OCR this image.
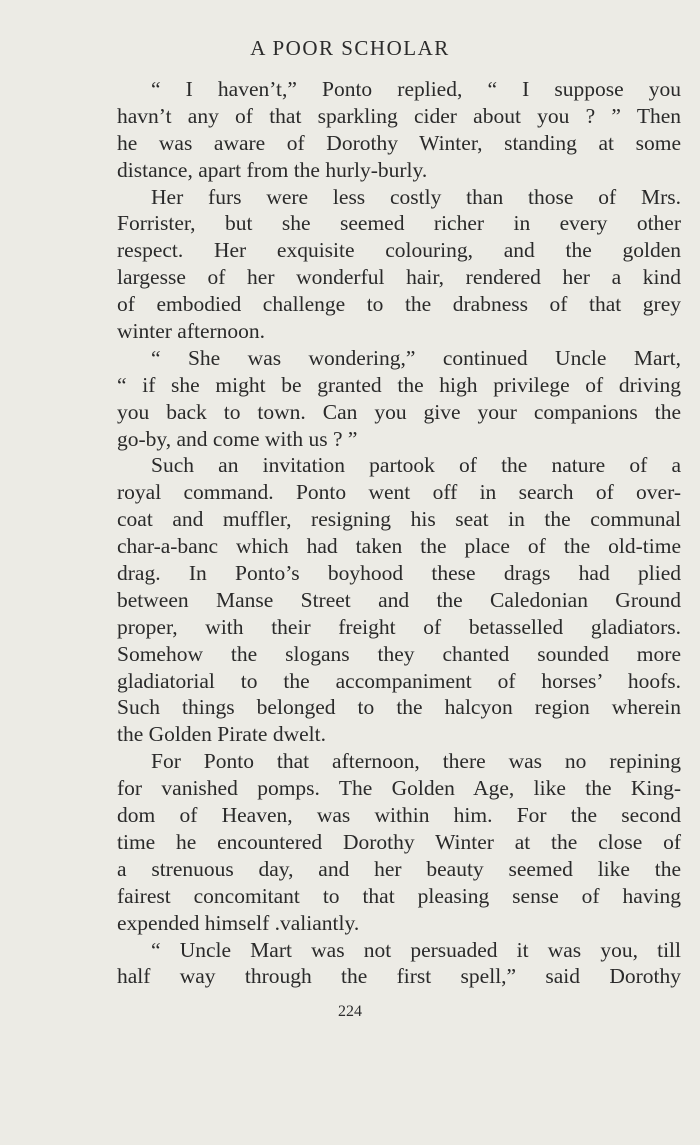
A POOR SCHOLAR
“ I haven’t,” Ponto replied, “ I suppose you
havn’t any of that sparkling cider about you ? ” Then
he was aware of Dorothy Winter, standing at some
distance, apart from the hurly-burly.
Her furs were less costly than those of Mrs.
Forrister, but she seemed richer in every other
respect. Her exquisite colouring, and the golden
largesse of her wonderful hair, rendered her a kind
of embodied challenge to the drabness of that grey
winter afternoon.
“ She was wondering,” continued Uncle Mart,
“ if she might be granted the high privilege of driving
you back to town. Can you give your companions the
go-by, and come with us ? ”
Such an invitation partook of the nature of a
royal command. Ponto went off in search of over-
coat and muffler, resigning his seat in the communal
char-a-banc which had taken the place of the old-time
drag. In Ponto’s boyhood these drags had plied
between Manse Street and the Caledonian Ground
proper, with their freight of betasselled gladiators.
Somehow the slogans they chanted sounded more
gladiatorial to the accompaniment of horses’ hoofs.
Such things belonged to the halcyon region wherein
the Golden Pirate dwelt.
For Ponto that afternoon, there was no repining
for vanished pomps. The Golden Age, like the King-
dom of Heaven, was within him. For the second
time he encountered Dorothy Winter at the close of
a strenuous day, and her beauty seemed like the
fairest concomitant to that pleasing sense of having
expended himself .valiantly.
“ Uncle Mart was not persuaded it was you, till
half way through the first spell,” said Dorothy
224
